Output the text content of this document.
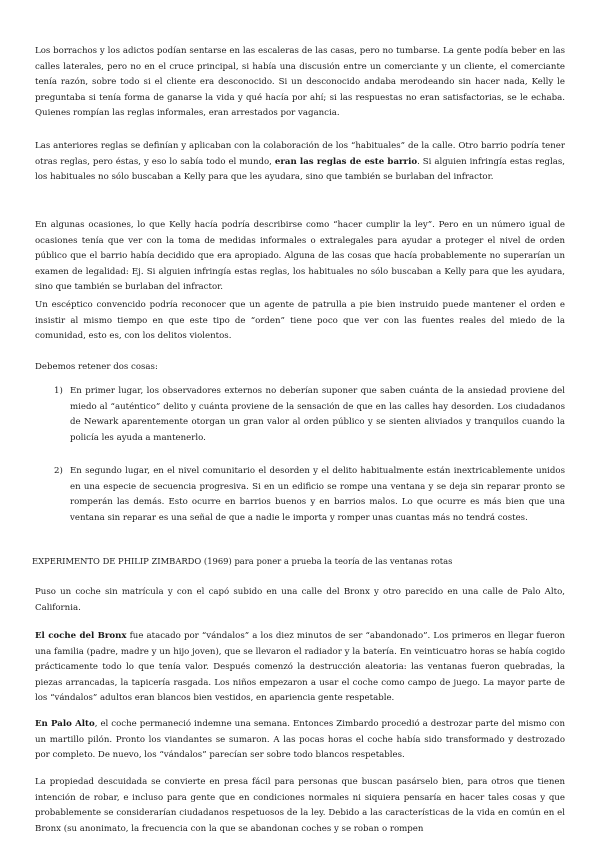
Los borrachos y los adictos podían sentarse en las escaleras de las casas, pero no tumbarse. La gente podía beber en las calles laterales, pero no en el cruce principal, si había una discusión entre un comerciante y un cliente, el comerciante tenía razón, sobre todo si el cliente era desconocido. Si un desconocido andaba merodeando sin hacer nada, Kelly le preguntaba si tenía forma de ganarse la vida y qué hacía por ahí; si las respuestas no eran satisfactorias, se le echaba. Quienes rompían las reglas informales, eran arrestados por vagancia.

Las anteriores reglas se definían y aplicaban con la colaboración de los “habituales” de la calle. Otro barrio podría tener otras reglas, pero éstas, y eso lo sabía todo el mundo, eran las reglas de este barrio. Si alguien infringía estas reglas, los habituales no sólo buscaban a Kelly para que les ayudara, sino que también se burlaban del infractor.

En algunas ocasiones, lo que Kelly hacía podría describirse como “hacer cumplir la ley”. Pero en un número igual de ocasiones tenía que ver con la toma de medidas informales o extralegales para ayudar a proteger el nivel de orden público que el barrio había decidido que era apropiado. Alguna de las cosas que hacía probablemente no superarían un examen de legalidad: Ej. Si alguien infringía estas reglas, los habituales no sólo buscaban a Kelly para que les ayudara, sino que también se burlaban del infractor.

Un escéptico convencido podría reconocer que un agente de patrulla a pie bien instruido puede mantener el orden e insistir al mismo tiempo en que este tipo de “orden” tiene poco que ver con las fuentes reales del miedo de la comunidad, esto es, con los delitos violentos.

Debemos retener dos cosas:

1) En primer lugar, los observadores externos no deberían suponer que saben cuánta de la ansiedad proviene del miedo al “auténtico” delito y cuánta proviene de la sensación de que en las calles hay desorden. Los ciudadanos de Newark aparentemente otorgan un gran valor al orden público y se sienten aliviados y tranquilos cuando la policía les ayuda a mantenerlo.
2) En segundo lugar, en el nivel comunitario el desorden y el delito habitualmente están inextricablemente unidos en una especie de secuencia progresiva. Si en un edificio se rompe una ventana y se deja sin reparar pronto se romperán las demás. Esto ocurre en barrios buenos y en barrios malos. Lo que ocurre es más bien que una ventana sin reparar es una señal de que a nadie le importa y romper unas cuantas más no tendrá costes.
EXPERIMENTO DE PHILIP ZIMBARDO (1969) para poner a prueba la teoría de las ventanas rotas

Puso un coche sin matrícula y con el capó subido en una calle del Bronx y otro parecido en una calle de Palo Alto, California.

El coche del Bronx fue atacado por “vándalos” a los diez minutos de ser “abandonado”. Los primeros en llegar fueron una familia (padre, madre y un hijo joven), que se llevaron el radiador y la batería. En veinticuatro horas se había cogido prácticamente todo lo que tenía valor. Después comenzó la destrucción aleatoria: las ventanas fueron quebradas, la piezas arrancadas, la tapicería rasgada. Los niños empezaron a usar el coche como campo de juego. La mayor parte de los “vándalos” adultos eran blancos bien vestidos, en apariencia gente respetable.

En Palo Alto, el coche permaneció indemne una semana. Entonces Zimbardo procedió a destrozar parte del mismo con un martillo pilón. Pronto los viandantes se sumaron. A las pocas horas el coche había sido transformado y destrozado por completo. De nuevo, los “vándalos” parecían ser sobre todo blancos respetables.

La propiedad descuidada se convierte en presa fácil para personas que buscan pasárselo bien, para otros que tienen intención de robar, e incluso para gente que en condiciones normales ni siquiera pensaría en hacer tales cosas y que probablemente se considerarían ciudadanos respetuosos de la ley. Debido a las características de la vida en común en el Bronx (su anonimato, la frecuencia con la que se abandonan coches y se roban o rompen
